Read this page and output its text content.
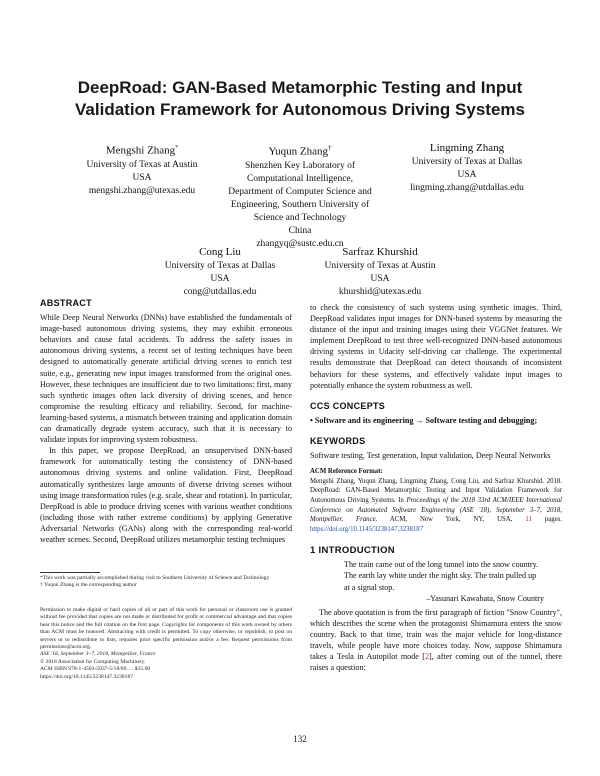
DeepRoad: GAN-Based Metamorphic Testing and Input
Validation Framework for Autonomous Driving Systems
Mengshi Zhang*
University of Texas at Austin
USA
mengshi.zhang@utexas.edu
Yuqun Zhang†
Shenzhen Key Laboratory of
Computational Intelligence,
Department of Computer Science and
Engineering, Southern University of
Science and Technology
China
zhangyq@sustc.edu.cn
Lingming Zhang
University of Texas at Dallas
USA
lingming.zhang@utdallas.edu
Cong Liu
University of Texas at Dallas
USA
cong@utdallas.edu
Sarfraz Khurshid
University of Texas at Austin
USA
khurshid@utexas.edu
ABSTRACT

While Deep Neural Networks (DNNs) have established the fundamentals of image-based autonomous driving systems, they may exhibit erroneous behaviors and cause fatal accidents. To address the safety issues in autonomous driving systems, a recent set of testing techniques have been designed to automatically generate artificial driving scenes to enrich test suite, e.g., generating new input images transformed from the original ones. However, these techniques are insufficient due to two limitations: first, many such synthetic images often lack diversity of driving scenes, and hence compromise the resulting efficacy and reliability. Second, for machine-learning-based systems, a mismatch between training and application domain can dramatically degrade system accuracy, such that it is necessary to validate inputs for improving system robustness.

In this paper, we propose DeepRoad, an unsupervised DNN-based framework for automatically testing the consistency of DNN-based autonomous driving systems and online validation. First, DeepRoad automatically synthesizes large amounts of diverse driving scenes without using image transformation rules (e.g. scale, shear and rotation). In particular, DeepRoad is able to produce driving scenes with various weather conditions (including those with rather extreme conditions) by applying Generative Adversarial Networks (GANs) along with the corresponding real-world weather scenes. Second, DeepRoad utilizes metamorphic testing techniques

*This work was partially accomplished during visit to Southern University of Science and Technology
† Yuqun Zhang is the corresponding author
Permission to make digital or hard copies of all or part of this work for personal or classroom use is granted without fee provided that copies are not made or distributed for profit or commercial advantage and that copies bear this notice and the full citation on the first page. Copyrights for components of this work owned by others than ACM must be honored. Abstracting with credit is permitted. To copy otherwise, or republish, to post on servers or to redistribute to lists, requires prior specific permission and/or a fee. Request permissions from permissions@acm.org.
ASE '18, September 3–7, 2018, Montpellier, France
© 2018 Association for Computing Machinery.
ACM ISBN 978-1-4503-5937-5/18/09. . . $15.00
https://doi.org/10.1145/3238147.3238187

to check the consistency of such systems using synthetic images. Third, DeepRoad validates input images for DNN-based systems by measuring the distance of the input and training images using their VGGNet features. We implement DeepRoad to test three well-recognized DNN-based autonomous driving systems in Udacity self-driving car challenge. The experimental results demonstrate that DeepRoad can detect thousands of inconsistent behaviors for these systems, and effectively validate input images to potentially enhance the system robustness as well.

CCS CONCEPTS

• Software and its engineering → Software testing and debugging;

KEYWORDS

Software testing, Test generation, Input validation, Deep Neural Networks

ACM Reference Format:
Mengshi Zhang, Yuqun Zhang, Lingming Zhang, Cong Liu, and Sarfraz Khurshid. 2018. DeepRoad: GAN-Based Metamorphic Testing and Input Validation Framework for Autonomous Driving Systems. In Proceedings of the 2018 33rd ACM/IEEE International Conference on Automated Software Engineering (ASE '18), September 3–7, 2018, Montpellier, France. ACM, New York, NY, USA, 11 pages. https://doi.org/10.1145/3238147.3238187
1 INTRODUCTION
The train came out of the long tunnel into the snow country. The earth lay white under the night sky. The train pulled up at a signal stop.
–Yasunari Kawabata, Snow Country

The above quotation is from the first paragraph of fiction "Snow Country", which describes the scene when the protagonist Shimamura enters the snow country. Back to that time, train was the major vehicle for long-distance travels, while people have more choices today. Now, suppose Shimamura takes a Tesla in Autopilot mode [2], after coming out of the tunnel, there raises a question:

132
